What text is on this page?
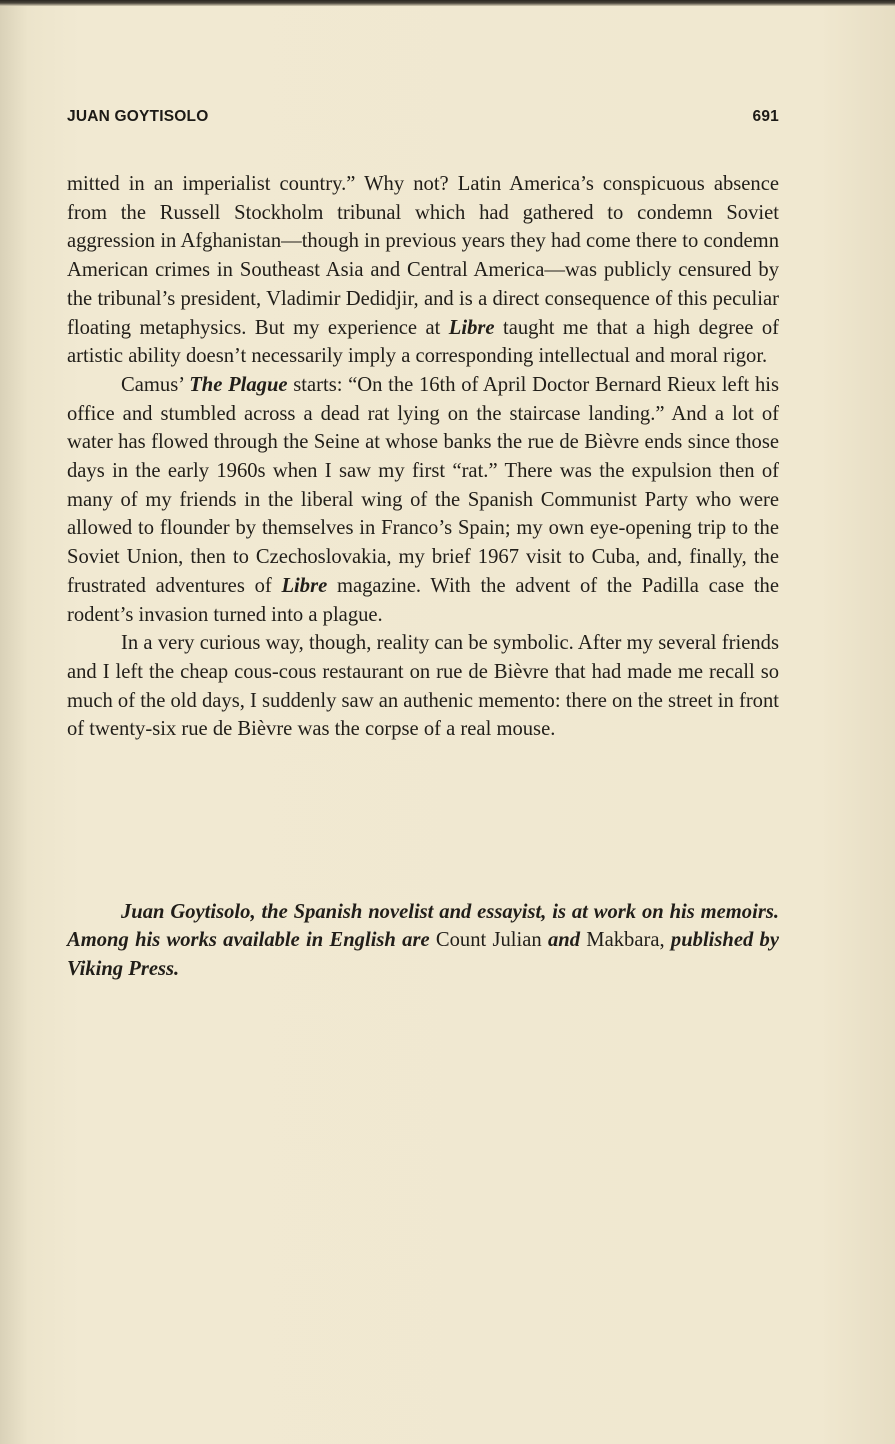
JUAN GOYTISOLO	691

mitted in an imperialist country.” Why not? Latin America’s conspicuous absence from the Russell Stockholm tribunal which had gathered to condemn Soviet aggression in Afghanistan—though in previous years they had come there to condemn American crimes in Southeast Asia and Central America—was publicly censured by the tribunal’s president, Vladimir Dedidjir, and is a direct consequence of this peculiar floating metaphysics. But my experience at Libre taught me that a high degree of artistic ability doesn’t necessarily imply a corresponding intellectual and moral rigor.

Camus’ The Plague starts: “On the 16th of April Doctor Bernard Rieux left his office and stumbled across a dead rat lying on the staircase landing.” And a lot of water has flowed through the Seine at whose banks the rue de Bièvre ends since those days in the early 1960s when I saw my first “rat.” There was the expulsion then of many of my friends in the liberal wing of the Spanish Communist Party who were allowed to flounder by themselves in Franco’s Spain; my own eye-opening trip to the Soviet Union, then to Czechoslovakia, my brief 1967 visit to Cuba, and, finally, the frustrated adventures of Libre magazine. With the advent of the Padilla case the rodent’s invasion turned into a plague.

In a very curious way, though, reality can be symbolic. After my several friends and I left the cheap cous-cous restaurant on rue de Bièvre that had made me recall so much of the old days, I suddenly saw an authenic memento: there on the street in front of twenty-six rue de Bièvre was the corpse of a real mouse.

Juan Goytisolo, the Spanish novelist and essayist, is at work on his memoirs. Among his works available in English are Count Julian and Makbara, published by Viking Press.
